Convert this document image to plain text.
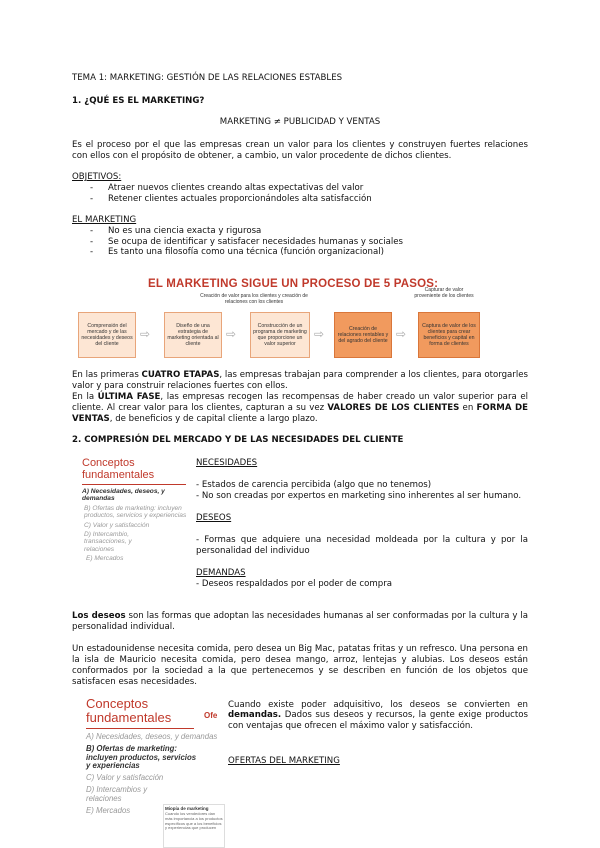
TEMA 1: MARKETING: GESTIÓN DE LAS RELACIONES ESTABLES
1. ¿QUÉ ES EL MARKETING?
MARKETING ≠ PUBLICIDAD Y VENTAS
Es el proceso por el que las empresas crean un valor para los clientes y construyen fuertes relaciones con ellos con el propósito de obtener, a cambio, un valor procedente de dichos clientes.
OBJETIVOS:
- Atraer nuevos clientes creando altas expectativas del valor
- Retener clientes actuales proporcionándoles alta satisfacción
EL MARKETING
- No es una ciencia exacta y rigurosa
- Se ocupa de identificar y satisfacer necesidades humanas y sociales
- Es tanto una filosofía como una técnica (función organizacional)
EL MARKETING SIGUE UN PROCESO DE 5 PASOS:
Creación de valor para los clientes y creación de relaciones con los clientes
Capturar de valor proveniente de los clientes
Comprensión del mercado y de las necesidades y deseos del cliente
⇨
Diseño de una estrategia de marketing orientada al cliente
⇨
Construcción de un programa de marketing que proporcione un valor superior
⇨	Creación de relaciones rentables y del agrado del cliente
⇨
Captura de valor de los clientes para crear beneficios y capital en forma de clientes
En las primeras CUATRO ETAPAS, las empresas trabajan para comprender a los clientes, para otorgarles valor y para construir relaciones fuertes con ellos.
En la ÚLTIMA FASE, las empresas recogen las recompensas de haber creado un valor superior para el cliente. Al crear valor para los clientes, capturan a su vez VALORES DE LOS CLIENTES en FORMA DE VENTAS, de beneficios y de capital cliente a largo plazo.
2. COMPRESIÓN DEL MERCADO Y DE LAS NECESIDADES DEL CLIENTE
Conceptos fundamentales
A) Necesidades, deseos, y demandas
B) Ofertas de marketing: incluyen productos, servicios y experiencias
C) Valor y satisfacción
D) Intercambio, transacciones, y relaciones
E) Mercados
NECESIDADES
- Estados de carencia percibida (algo que no tenemos)
- No son creadas por expertos en marketing sino inherentes al ser humano.
DESEOS
- Formas que adquiere una necesidad moldeada por la cultura y por la personalidad del individuo
DEMANDAS
- Deseos respaldados por el poder de compra
Los deseos son las formas que adoptan las necesidades humanas al ser conformadas por la cultura y la personalidad individual.
Un estadounidense necesita comida, pero desea un Big Mac, patatas fritas y un refresco. Una persona en la isla de Mauricio necesita comida, pero desea mango, arroz, lentejas y alubias. Los deseos están conformados por la sociedad a la que pertenecemos y se describen en función de los objetos que satisfacen esas necesidades.
Conceptos fundamentales
A) Necesidades, deseos, y demandas
B) Ofertas de marketing: incluyen productos, servicios y experiencias
C) Valor y satisfacción
D) Intercambios y relaciones
E) Mercados
Ofe
Miopía de marketing
Cuando los vendedores dan más importancia a los productos específicos que a los beneficios y experiencias que producen
Cuando existe poder adquisitivo, los deseos se convierten en demandas. Dados sus deseos y recursos, la gente exige productos con ventajas que ofrecen el máximo valor y satisfacción.
OFERTAS DEL MARKETING
